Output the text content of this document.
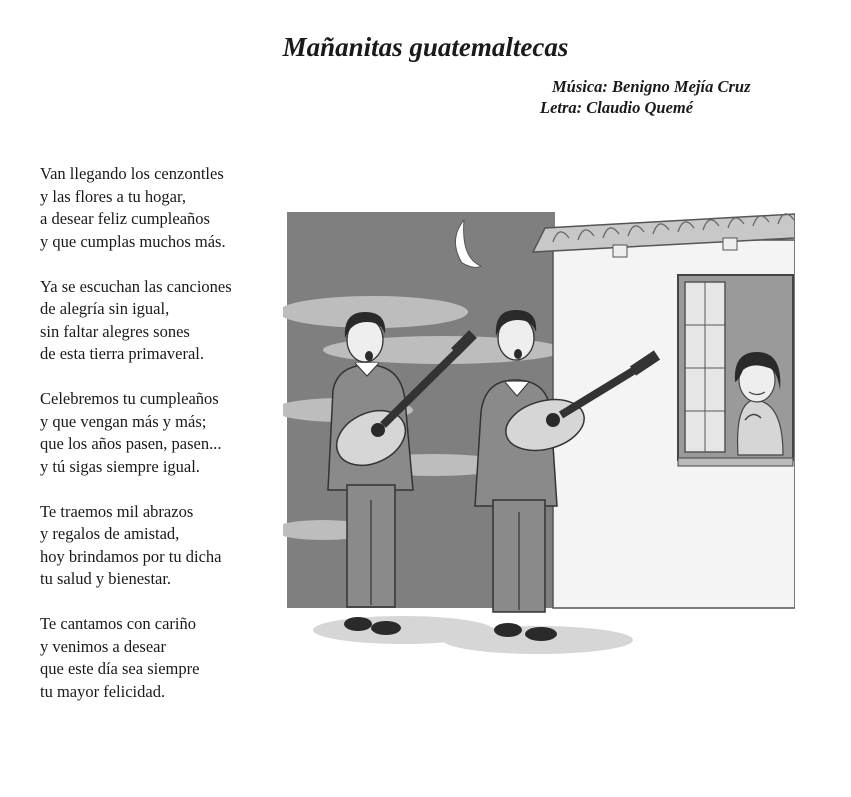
Mañanitas guatemaltecas
Música: Benigno Mejía Cruz
Letra: Claudio Quemé
Van llegando los cenzontles
y las flores a tu hogar,
a desear feliz cumpleaños
y que cumplas muchos más.
Ya se escuchan las canciones
de alegría sin igual,
sin faltar alegres sones
de esta tierra primaveral.
Celebremos tu cumpleaños
y que vengan más y más;
que los años pasen, pasen...
y tú sigas siempre igual.
Te traemos mil abrazos
y regalos de amistad,
hoy brindamos por tu dicha
tu salud y bienestar.
Te cantamos con cariño
y venimos a desear
que este día sea siempre
tu mayor felicidad.
